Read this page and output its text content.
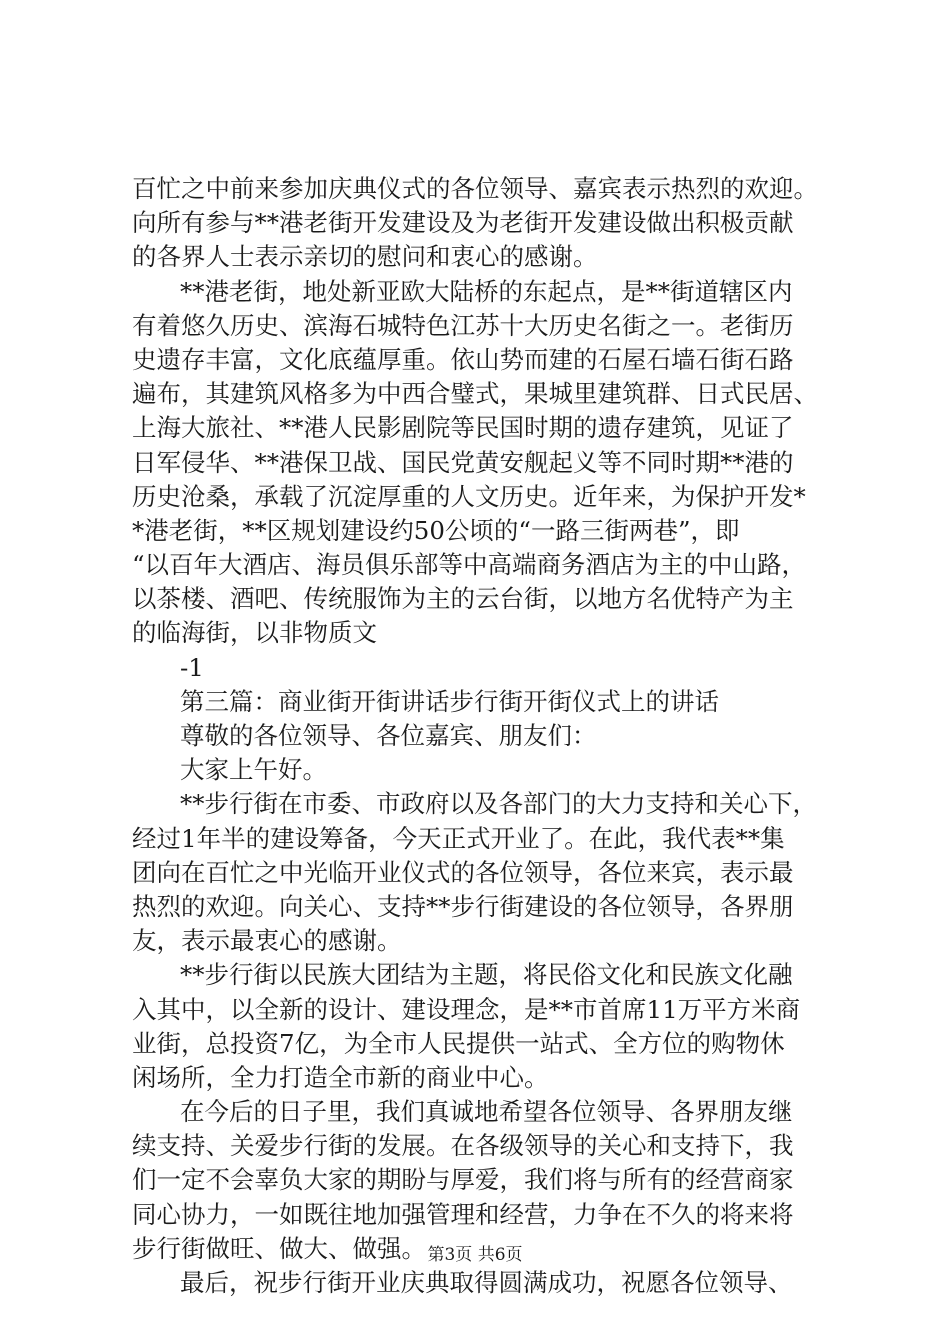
百忙之中前来参加庆典仪式的各位领导、嘉宾表示热烈的欢迎。
向所有参与**港老街开发建设及为老街开发建设做出积极贡献
的各界人士表示亲切的慰问和衷心的感谢。
**港老街，地处新亚欧大陆桥的东起点，是**街道辖区内
有着悠久历史、滨海石城特色江苏十大历史名街之一。老街历
史遗存丰富，文化底蕴厚重。依山势而建的石屋石墙石街石路
遍布，其建筑风格多为中西合璧式，果城里建筑群、日式民居、
上海大旅社、**港人民影剧院等民国时期的遗存建筑，见证了
日军侵华、**港保卫战、国民党黄安舰起义等不同时期**港的
历史沧桑，承载了沉淀厚重的人文历史。近年来，为保护开发*
*港老街，**区规划建设约50公顷的“一路三街两巷”，即
“以百年大酒店、海员俱乐部等中高端商务酒店为主的中山路，
以茶楼、酒吧、传统服饰为主的云台街，以地方名优特产为主
的临海街，以非物质文
-1
第三篇：商业街开街讲话步行街开街仪式上的讲话
尊敬的各位领导、各位嘉宾、朋友们：
大家上午好。
**步行街在市委、市政府以及各部门的大力支持和关心下，
经过1年半的建设筹备，今天正式开业了。在此，我代表**集
团向在百忙之中光临开业仪式的各位领导，各位来宾，表示最
热烈的欢迎。向关心、支持**步行街建设的各位领导，各界朋
友，表示最衷心的感谢。
**步行街以民族大团结为主题，将民俗文化和民族文化融
入其中，以全新的设计、建设理念，是**市首席11万平方米商
业街，总投资7亿，为全市人民提供一站式、全方位的购物休
闲场所，全力打造全市新的商业中心。
在今后的日子里，我们真诚地希望各位领导、各界朋友继
续支持、关爱步行街的发展。在各级领导的关心和支持下，我
们一定不会辜负大家的期盼与厚爱，我们将与所有的经营商家
同心协力，一如既往地加强管理和经营，力争在不久的将来将
步行街做旺、做大、做强。
最后，祝步行街开业庆典取得圆满成功，祝愿各位领导、
第3页 共6页
